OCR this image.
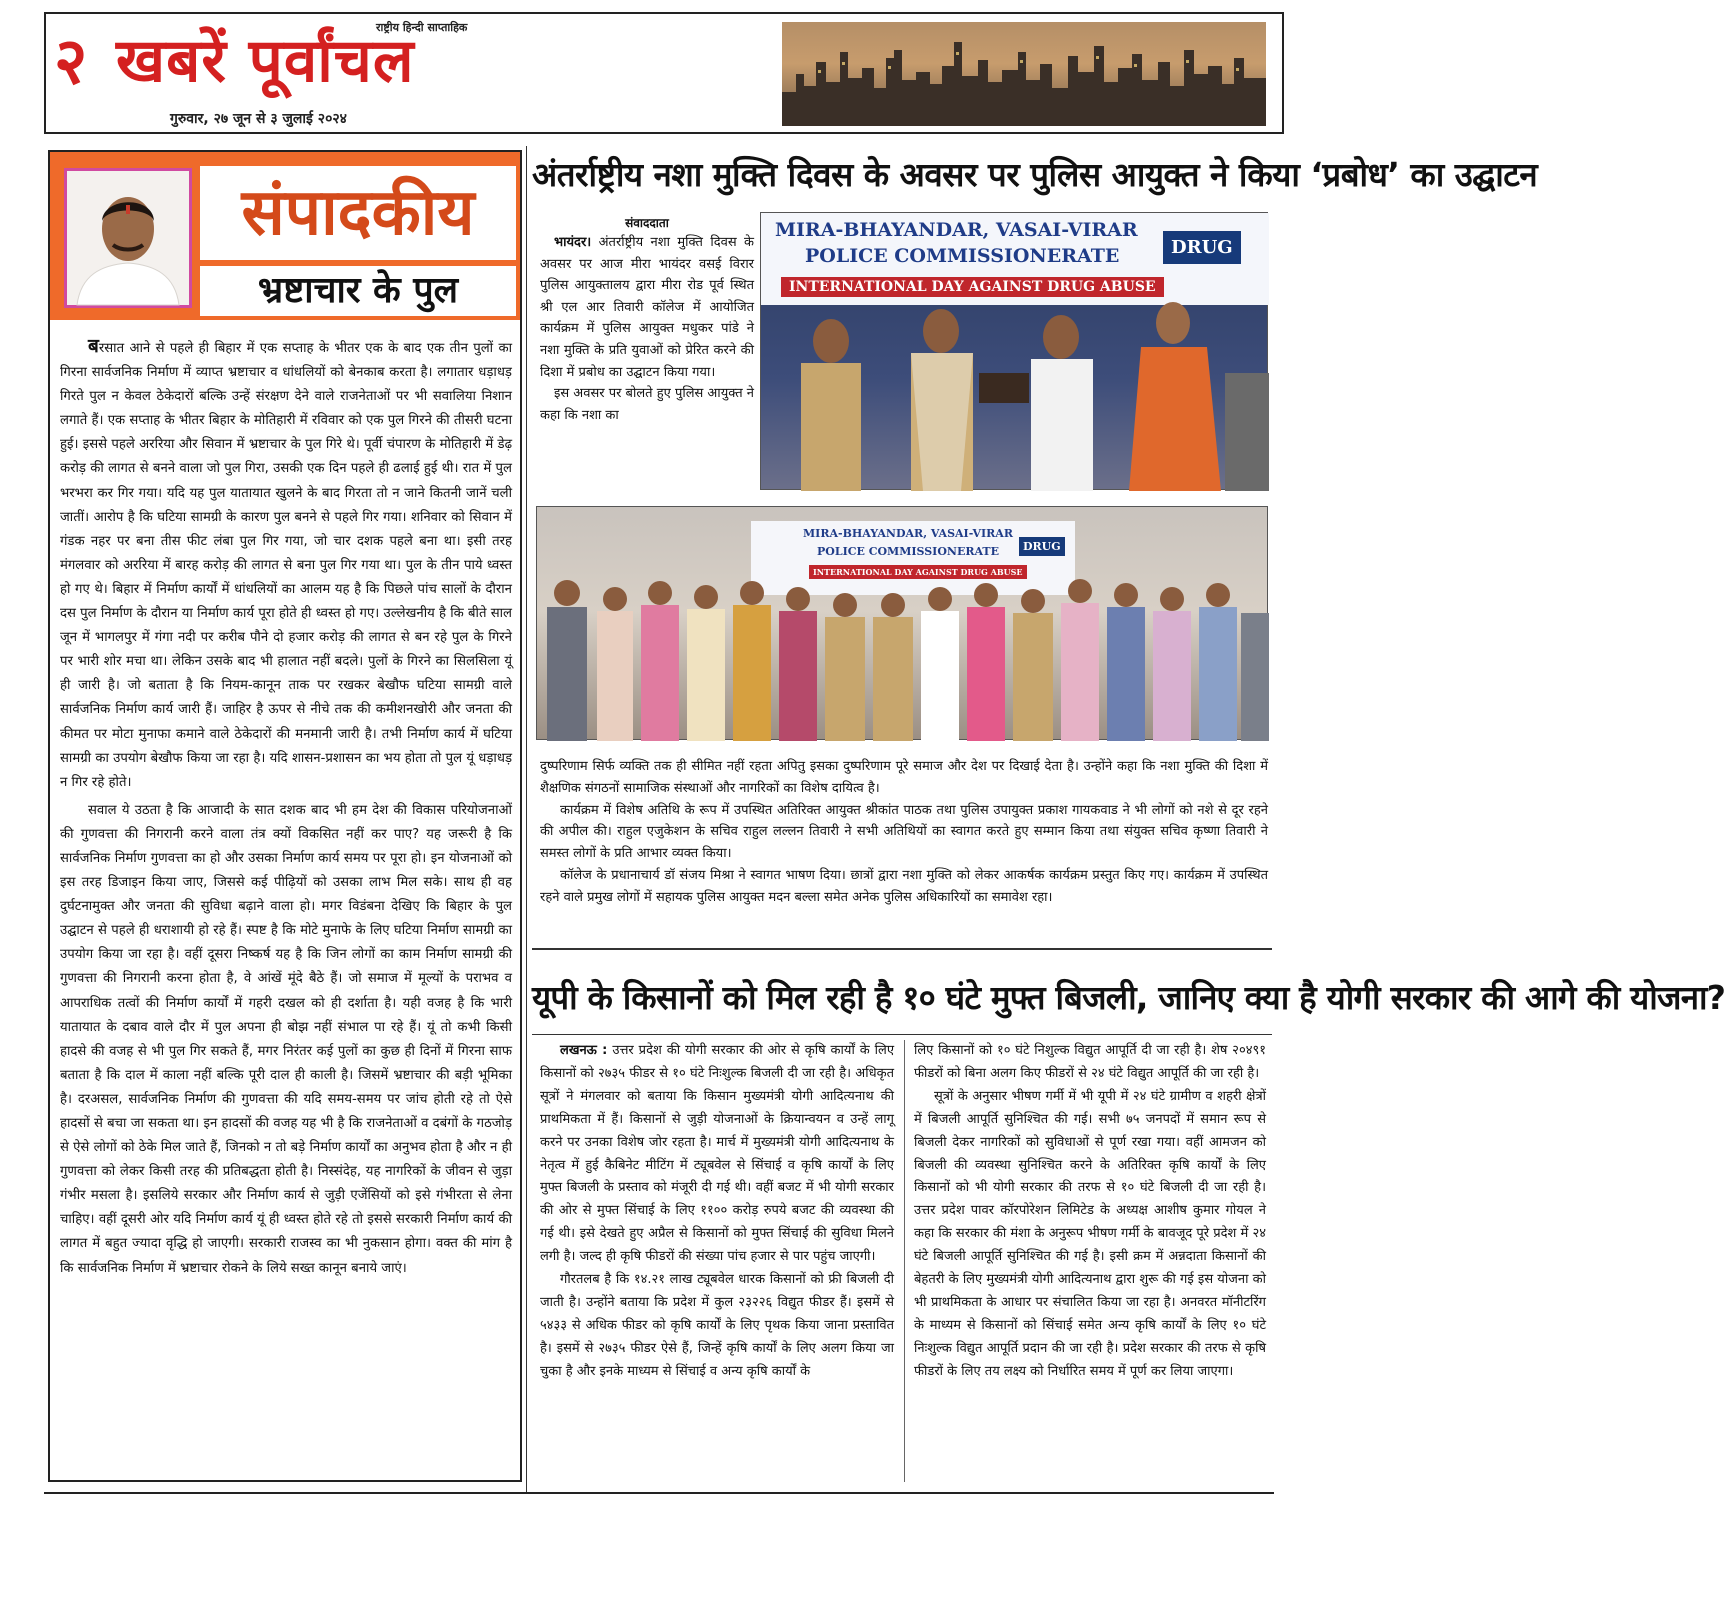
२ खबरें पूर्वांचल
राष्ट्रीय हिन्दी साप्ताहिक
गुरुवार, २७ जून से ३ जुलाई २०२४
संपादकीय
भ्रष्टाचार के पुल

बरसात आने से पहले ही बिहार में एक सप्ताह के भीतर एक के बाद एक तीन पुलों का गिरना सार्वजनिक निर्माण में व्याप्त भ्रष्टाचार व धांधलियों को बेनकाब करता है। लगातार धड़ाधड़ गिरते पुल न केवल ठेकेदारों बल्कि उन्हें संरक्षण देने वाले राजनेताओं पर भी सवालिया निशान लगाते हैं। एक सप्ताह के भीतर बिहार के मोतिहारी में रविवार को एक पुल गिरने की तीसरी घटना हुई। इससे पहले अररिया और सिवान में भ्रष्टाचार के पुल गिरे थे। पूर्वी चंपारण के मोतिहारी में डेढ़ करोड़ की लागत से बनने वाला जो पुल गिरा, उसकी एक दिन पहले ही ढलाई हुई थी। रात में पुल भरभरा कर गिर गया। यदि यह पुल यातायात खुलने के बाद गिरता तो न जाने कितनी जानें चली जातीं। आरोप है कि घटिया सामग्री के कारण पुल बनने से पहले गिर गया। शनिवार को सिवान में गंडक नहर पर बना तीस फीट लंबा पुल गिर गया, जो चार दशक पहले बना था। इसी तरह मंगलवार को अररिया में बारह करोड़ की लागत से बना पुल गिर गया था। पुल के तीन पाये ध्वस्त हो गए थे। बिहार में निर्माण कार्यों में धांधलियों का आलम यह है कि पिछले पांच सालों के दौरान दस पुल निर्माण के दौरान या निर्माण कार्य पूरा होते ही ध्वस्त हो गए। उल्लेखनीय है कि बीते साल जून में भागलपुर में गंगा नदी पर करीब पौने दो हजार करोड़ की लागत से बन रहे पुल के गिरने पर भारी शोर मचा था। लेकिन उसके बाद भी हालात नहीं बदले। पुलों के गिरने का सिलसिला यूं ही जारी है। जो बताता है कि नियम-कानून ताक पर रखकर बेखौफ घटिया सामग्री वाले सार्वजनिक निर्माण कार्य जारी हैं। जाहिर है ऊपर से नीचे तक की कमीशनखोरी और जनता की कीमत पर मोटा मुनाफा कमाने वाले ठेकेदारों की मनमानी जारी है। तभी निर्माण कार्य में घटिया सामग्री का उपयोग बेखौफ किया जा रहा है। यदि शासन-प्रशासन का भय होता तो पुल यूं धड़ाधड़ न गिर रहे होते।

सवाल ये उठता है कि आजादी के सात दशक बाद भी हम देश की विकास परियोजनाओं की गुणवत्ता की निगरानी करने वाला तंत्र क्यों विकसित नहीं कर पाए? यह जरूरी है कि सार्वजनिक निर्माण गुणवत्ता का हो और उसका निर्माण कार्य समय पर पूरा हो। इन योजनाओं को इस तरह डिजाइन किया जाए, जिससे कई पीढ़ियों को उसका लाभ मिल सके। साथ ही वह दुर्घटनामुक्त और जनता की सुविधा बढ़ाने वाला हो। मगर विडंबना देखिए कि बिहार के पुल उद्घाटन से पहले ही धराशायी हो रहे हैं। स्पष्ट है कि मोटे मुनाफे के लिए घटिया निर्माण सामग्री का उपयोग किया जा रहा है। वहीं दूसरा निष्कर्ष यह है कि जिन लोगों का काम निर्माण सामग्री की गुणवत्ता की निगरानी करना होता है, वे आंखें मूंदे बैठे हैं। जो समाज में मूल्यों के पराभव व आपराधिक तत्वों की निर्माण कार्यों में गहरी दखल को ही दर्शाता है। यही वजह है कि भारी यातायात के दबाव वाले दौर में पुल अपना ही बोझ नहीं संभाल पा रहे हैं। यूं तो कभी किसी हादसे की वजह से भी पुल गिर सकते हैं, मगर निरंतर कई पुलों का कुछ ही दिनों में गिरना साफ बताता है कि दाल में काला नहीं बल्कि पूरी दाल ही काली है। जिसमें भ्रष्टाचार की बड़ी भूमिका है। दरअसल, सार्वजनिक निर्माण की गुणवत्ता की यदि समय-समय पर जांच होती रहे तो ऐसे हादसों से बचा जा सकता था। इन हादसों की वजह यह भी है कि राजनेताओं व दबंगों के गठजोड़ से ऐसे लोगों को ठेके मिल जाते हैं, जिनको न तो बड़े निर्माण कार्यों का अनुभव होता है और न ही गुणवत्ता को लेकर किसी तरह की प्रतिबद्धता होती है। निस्संदेह, यह नागरिकों के जीवन से जुड़ा गंभीर मसला है। इसलिये सरकार और निर्माण कार्य से जुड़ी एजेंसियों को इसे गंभीरता से लेना चाहिए। वहीं दूसरी ओर यदि निर्माण कार्य यूं ही ध्वस्त होते रहे तो इससे सरकारी निर्माण कार्य की लागत में बहुत ज्यादा वृद्धि हो जाएगी। सरकारी राजस्व का भी नुकसान होगा। वक्त की मांग है कि सार्वजनिक निर्माण में भ्रष्टाचार रोकने के लिये सख्त कानून बनाये जाएं।

अंतर्राष्ट्रीय नशा मुक्ति दिवस के अवसर पर पुलिस आयुक्त ने किया ‘प्रबोध’ का उद्घाटन
संवाददाता

भायंदर। अंतर्राष्ट्रीय नशा मुक्ति दिवस के अवसर पर आज मीरा भायंदर वसई विरार पुलिस आयुक्तालय द्वारा मीरा रोड पूर्व स्थित श्री एल आर तिवारी कॉलेज में आयोजित कार्यक्रम में पुलिस आयुक्त मधुकर पांडे ने नशा मुक्ति के प्रति युवाओं को प्रेरित करने की दिशा में प्रबोध का उद्घाटन किया गया।

इस अवसर पर बोलते हुए पुलिस आयुक्त ने कहा कि नशा का

MIRA-BHAYANDAR, VASAI-VIRAR
POLICE COMMISSIONERATE
INTERNATIONAL DAY AGAINST DRUG ABUSE
DRUG
MIRA-BHAYANDAR, VASAI-VIRAR
POLICE COMMISSIONERATE
INTERNATIONAL DAY AGAINST DRUG ABUSE
DRUG

दुष्परिणाम सिर्फ व्यक्ति तक ही सीमित नहीं रहता अपितु इसका दुष्परिणाम पूरे समाज और देश पर दिखाई देता है। उन्होंने कहा कि नशा मुक्ति की दिशा में शैक्षणिक संगठनों सामाजिक संस्थाओं और नागरिकों का विशेष दायित्व है।

कार्यक्रम में विशेष अतिथि के रूप में उपस्थित अतिरिक्त आयुक्त श्रीकांत पाठक तथा पुलिस उपायुक्त प्रकाश गायकवाड ने भी लोगों को नशे से दूर रहने की अपील की। राहुल एजुकेशन के सचिव राहुल लल्लन तिवारी ने सभी अतिथियों का स्वागत करते हुए सम्मान किया तथा संयुक्त सचिव कृष्णा तिवारी ने समस्त लोगों के प्रति आभार व्यक्त किया।

कॉलेज के प्रधानाचार्य डॉ संजय मिश्रा ने स्वागत भाषण दिया। छात्रों द्वारा नशा मुक्ति को लेकर आकर्षक कार्यक्रम प्रस्तुत किए गए। कार्यक्रम में उपस्थित रहने वाले प्रमुख लोगों में सहायक पुलिस आयुक्त मदन बल्ला समेत अनेक पुलिस अधिकारियों का समावेश रहा।

यूपी के किसानों को मिल रही है १० घंटे मुफ्त बिजली, जानिए क्या है योगी सरकार की आगे की योजना?

लखनऊ : उत्तर प्रदेश की योगी सरकार की ओर से कृषि कार्यों के लिए किसानों को २७३५ फीडर से १० घंटे निःशुल्क बिजली दी जा रही है। अधिकृत सूत्रों ने मंगलवार को बताया कि किसान मुख्यमंत्री योगी आदित्यनाथ की प्राथमिकता में हैं। किसानों से जुड़ी योजनाओं के क्रियान्वयन व उन्हें लागू करने पर उनका विशेष जोर रहता है। मार्च में मुख्यमंत्री योगी आदित्यनाथ के नेतृत्व में हुई कैबिनेट मीटिंग में ट्यूबवेल से सिंचाई व कृषि कार्यों के लिए मुफ्त बिजली के प्रस्ताव को मंजूरी दी गई थी। वहीं बजट में भी योगी सरकार की ओर से मुफ्त सिंचाई के लिए ११०० करोड़ रुपये बजट की व्यवस्था की गई थी। इसे देखते हुए अप्रैल से किसानों को मुफ्त सिंचाई की सुविधा मिलने लगी है। जल्द ही कृषि फीडरों की संख्या पांच हजार से पार पहुंच जाएगी।

गौरतलब है कि १४.२१ लाख ट्यूबवेल धारक किसानों को फ्री बिजली दी जाती है। उन्होंने बताया कि प्रदेश में कुल २३२२६ विद्युत फीडर हैं। इसमें से ५४३३ से अधिक फीडर को कृषि कार्यों के लिए पृथक किया जाना प्रस्तावित है। इसमें से २७३५ फीडर ऐसे हैं, जिन्हें कृषि कार्यों के लिए अलग किया जा चुका है और इनके माध्यम से सिंचाई व अन्य कृषि कार्यों के

लिए किसानों को १० घंटे निशुल्क विद्युत आपूर्ति दी जा रही है। शेष २०४९१ फीडरों को बिना अलग किए फीडरों से २४ घंटे विद्युत आपूर्ति की जा रही है।

सूत्रों के अनुसार भीषण गर्मी में भी यूपी में २४ घंटे ग्रामीण व शहरी क्षेत्रों में बिजली आपूर्ति सुनिश्चित की गई। सभी ७५ जनपदों में समान रूप से बिजली देकर नागरिकों को सुविधाओं से पूर्ण रखा गया। वहीं आमजन को बिजली की व्यवस्था सुनिश्चित करने के अतिरिक्त कृषि कार्यों के लिए किसानों को भी योगी सरकार की तरफ से १० घंटे बिजली दी जा रही है। उत्तर प्रदेश पावर कॉरपोरेशन लिमिटेड के अध्यक्ष आशीष कुमार गोयल ने कहा कि सरकार की मंशा के अनुरूप भीषण गर्मी के बावजूद पूरे प्रदेश में २४ घंटे बिजली आपूर्ति सुनिश्चित की गई है। इसी क्रम में अन्नदाता किसानों की बेहतरी के लिए मुख्यमंत्री योगी आदित्यनाथ द्वारा शुरू की गई इस योजना को भी प्राथमिकता के आधार पर संचालित किया जा रहा है। अनवरत मॉनीटरिंग के माध्यम से किसानों को सिंचाई समेत अन्य कृषि कार्यों के लिए १० घंटे निःशुल्क विद्युत आपूर्ति प्रदान की जा रही है। प्रदेश सरकार की तरफ से कृषि फीडरों के लिए तय लक्ष्य को निर्धारित समय में पूर्ण कर लिया जाएगा।
